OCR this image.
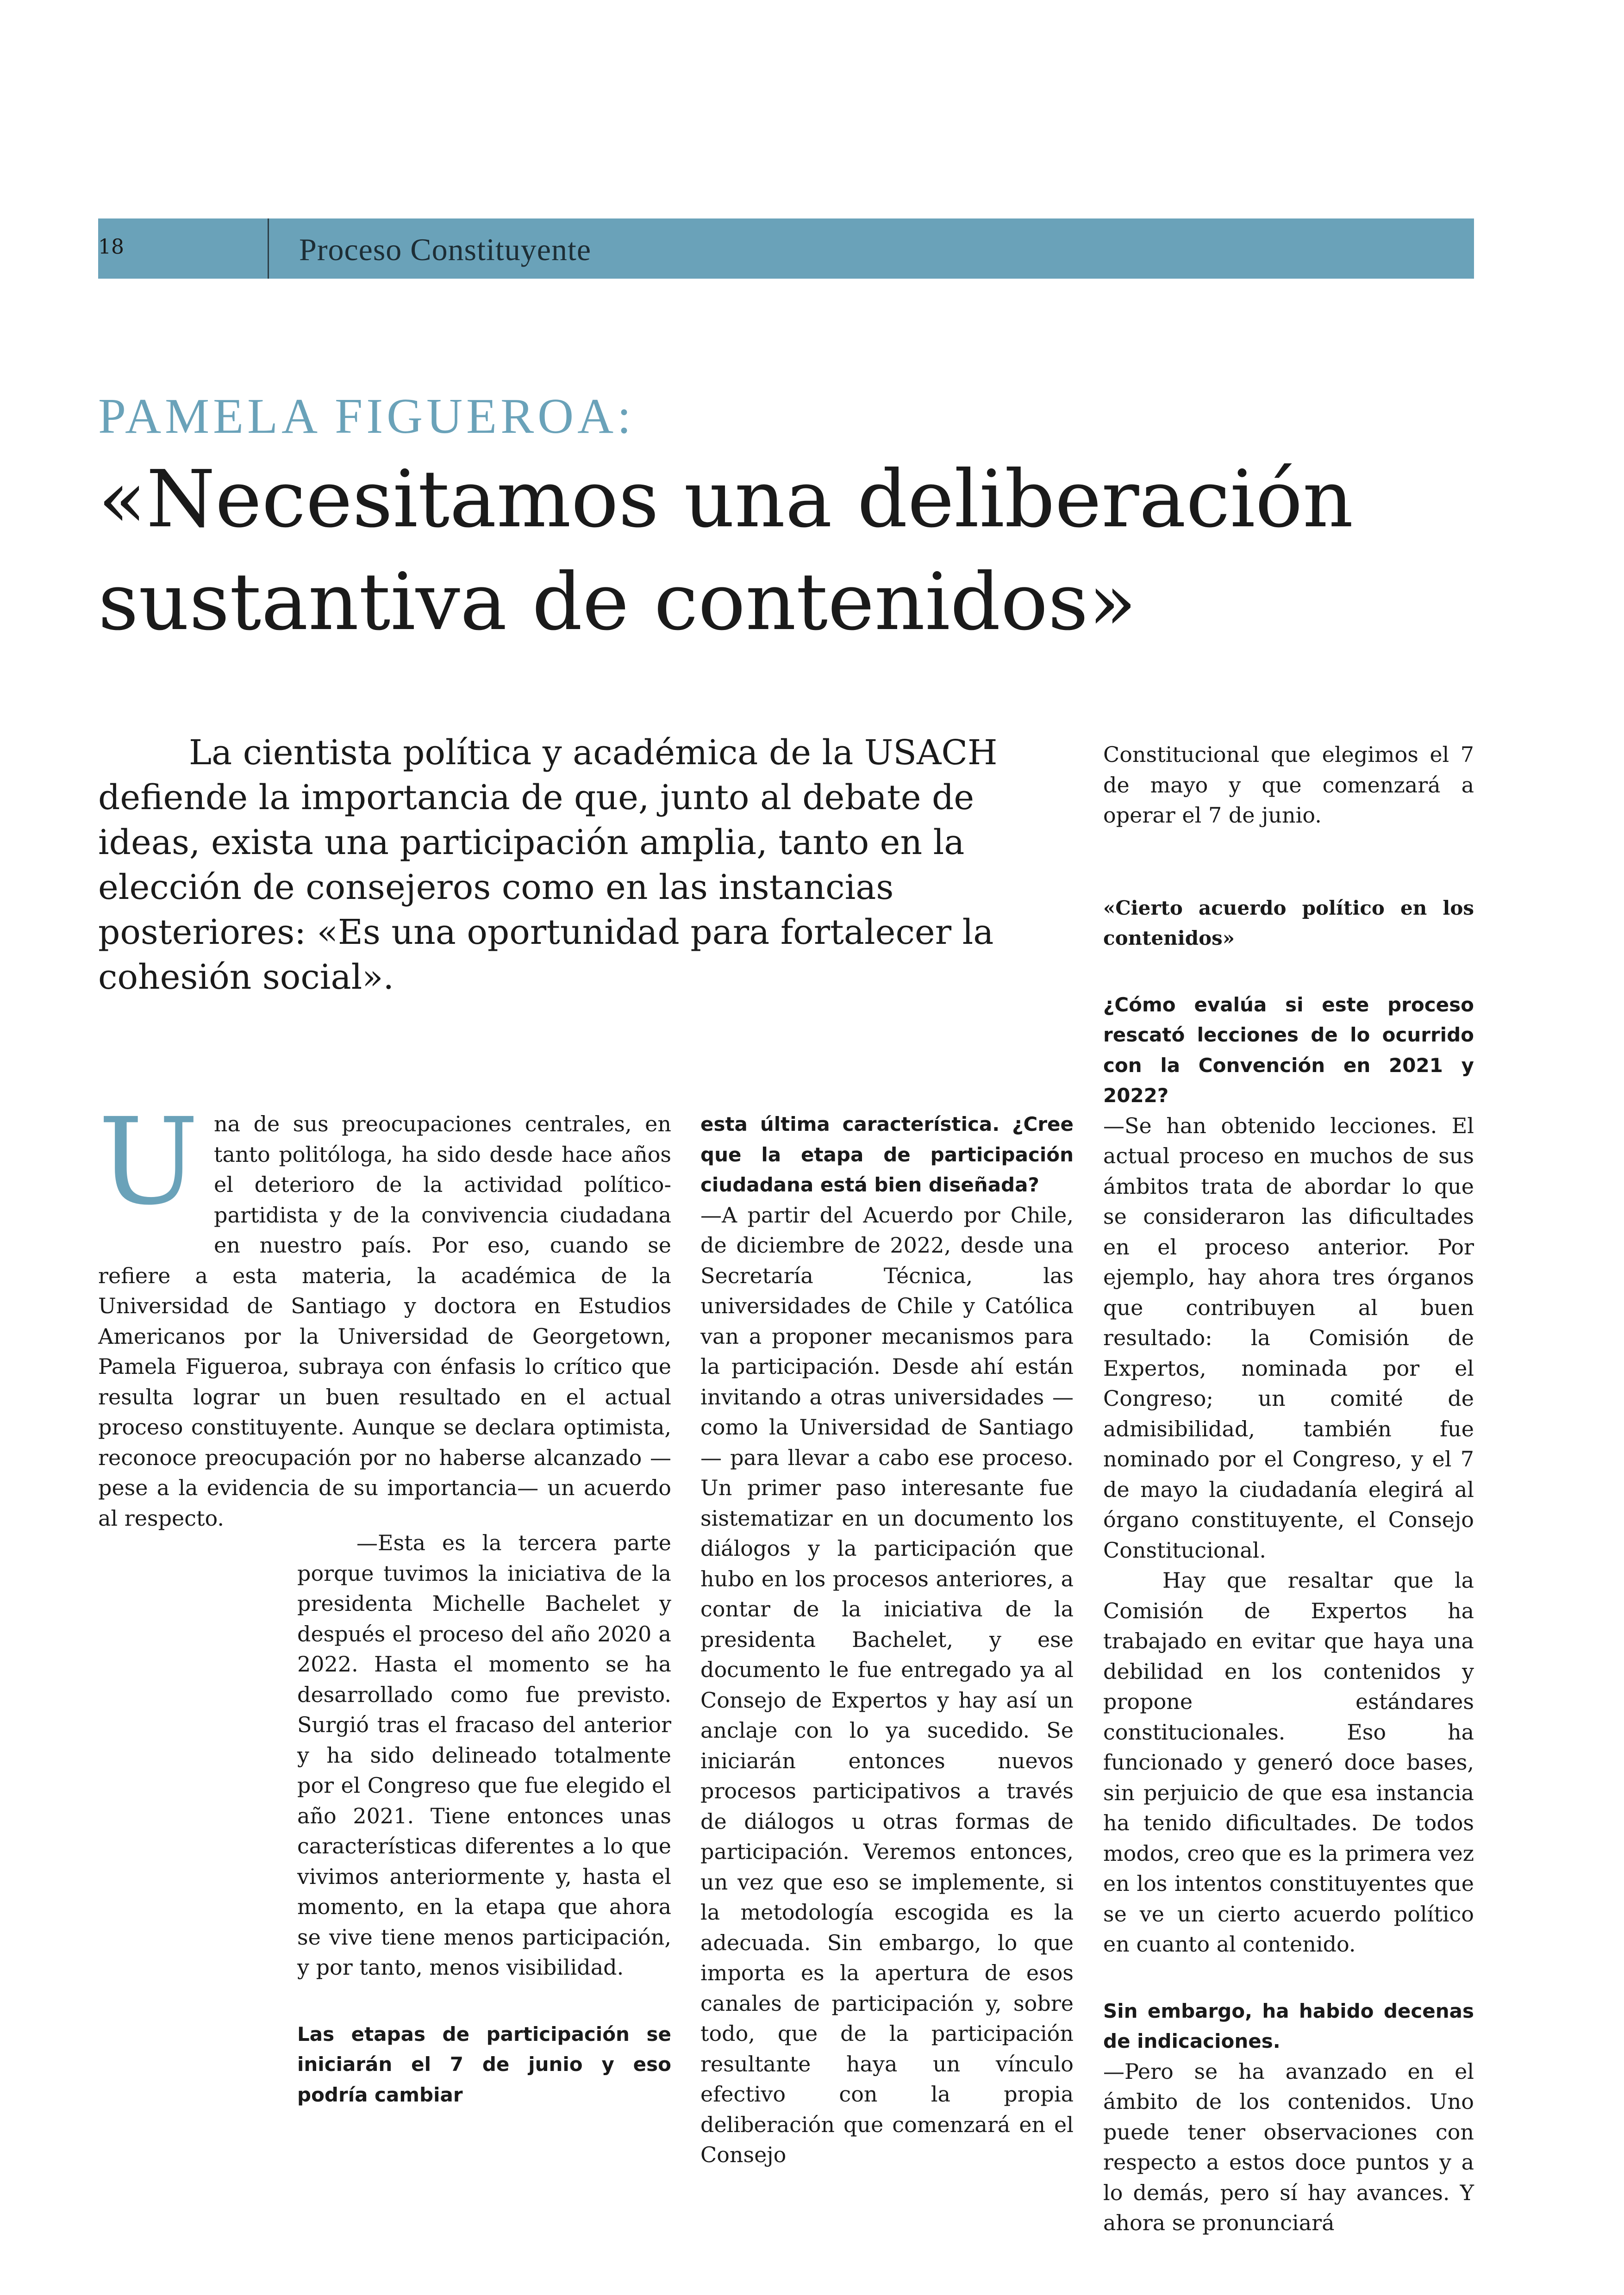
18	Proceso Constituyente
PAMELA FIGUEROA:
«Necesitamos una deliberación sustantiva de contenidos»

La cientista política y académica de la USACH defiende la importancia de que, junto al debate de ideas, exista una participación amplia, tanto en la elección de consejeros como en las instancias posteriores: «Es una oportunidad para fortalecer la cohesión social».

U na de sus preocupaciones centrales, en tanto politóloga, ha sido desde hace años el deterioro de la actividad político-partidista y de la convivencia ciudadana en nuestro país. Por eso, cuando se refiere a esta materia, la académica de la Universidad de Santiago y doctora en Estudios Americanos por la Universidad de Georgetown, Pamela Figueroa, subraya con énfasis lo crítico que resulta lograr un buen resultado en el actual proceso constituyente. Aunque se declara optimista, reconoce preocupación por no haberse alcanzado —pese a la evidencia de su importancia— un acuerdo al respecto.

—Esta es la tercera parte porque tuvimos la iniciativa de la presidenta Michelle Bachelet y después el proceso del año 2020 a 2022. Hasta el momento se ha desarrollado como fue previsto. Surgió tras el fracaso del anterior y ha sido delineado totalmente por el Congreso que fue elegido el año 2021. Tiene entonces unas características diferentes a lo que vivimos anteriormente y, hasta el momento, en la etapa que ahora se vive tiene menos participación, y por tanto, menos visibilidad.

Las etapas de participación se iniciarán el 7 de junio y eso podría cambiar

esta última característica. ¿Cree que la etapa de participación ciudadana está bien diseñada?

—A partir del Acuerdo por Chile, de diciembre de 2022, desde una Secretaría Técnica, las universidades de Chile y Católica van a proponer mecanismos para la participación. Desde ahí están invitando a otras universidades —como la Universidad de Santiago— para llevar a cabo ese proceso. Un primer paso interesante fue sistematizar en un documento los diálogos y la participación que hubo en los procesos anteriores, a contar de la iniciativa de la presidenta Bachelet, y ese documento le fue entregado ya al Consejo de Expertos y hay así un anclaje con lo ya sucedido. Se iniciarán entonces nuevos procesos participativos a través de diálogos u otras formas de participación. Veremos entonces, un vez que eso se implemente, si la metodología escogida es la adecuada. Sin embargo, lo que importa es la apertura de esos canales de participación y, sobre todo, que de la participación resultante haya un vínculo efectivo con la propia deliberación que comenzará en el Consejo

Constitucional que elegimos el 7 de mayo y que comenzará a operar el 7 de junio.

«Cierto acuerdo político en los contenidos»

¿Cómo evalúa si este proceso rescató lecciones de lo ocurrido con la Convención en 2021 y 2022?

—Se han obtenido lecciones. El actual proceso en muchos de sus ámbitos trata de abordar lo que se consideraron las dificultades en el proceso anterior. Por ejemplo, hay ahora tres órganos que contribuyen al buen resultado: la Comisión de Expertos, nominada por el Congreso; un comité de admisibilidad, también fue nominado por el Congreso, y el 7 de mayo la ciudadanía elegirá al órgano constituyente, el Consejo Constitucional.

Hay que resaltar que la Comisión de Expertos ha trabajado en evitar que haya una debilidad en los contenidos y propone estándares constitucionales. Eso ha funcionado y generó doce bases, sin perjuicio de que esa instancia ha tenido dificultades. De todos modos, creo que es la primera vez en los intentos constituyentes que se ve un cierto acuerdo político en cuanto al contenido.

Sin embargo, ha habido decenas de indicaciones.

—Pero se ha avanzado en el ámbito de los contenidos. Uno puede tener observaciones con respecto a estos doce puntos y a lo demás, pero sí hay avances. Y ahora se pronunciará
